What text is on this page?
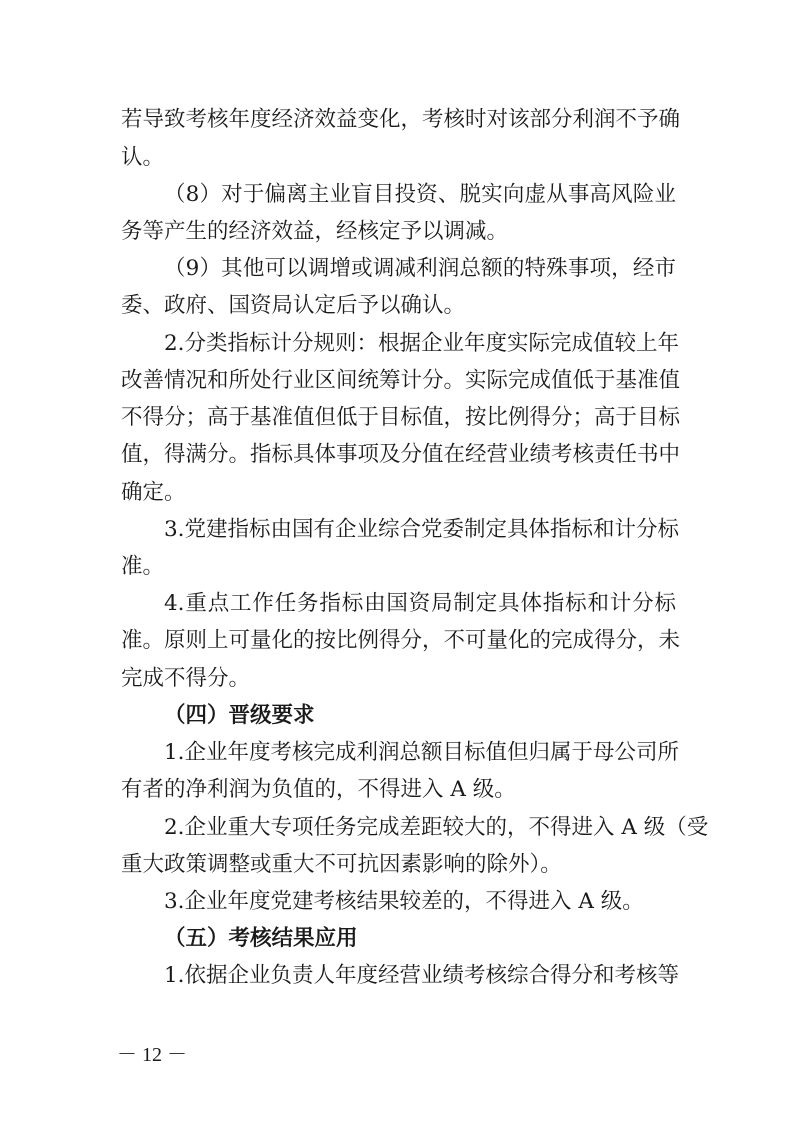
若导致考核年度经济效益变化，考核时对该部分利润不予确
认。
（8）对于偏离主业盲目投资、脱实向虚从事高风险业
务等产生的经济效益，经核定予以调减。
（9）其他可以调增或调减利润总额的特殊事项，经市
委、政府、国资局认定后予以确认。
2.分类指标计分规则：根据企业年度实际完成值较上年
改善情况和所处行业区间统筹计分。实际完成值低于基准值
不得分；高于基准值但低于目标值，按比例得分；高于目标
值，得满分。指标具体事项及分值在经营业绩考核责任书中
确定。
3.党建指标由国有企业综合党委制定具体指标和计分标
准。
4.重点工作任务指标由国资局制定具体指标和计分标
准。原则上可量化的按比例得分，不可量化的完成得分，未
完成不得分。
（四）晋级要求
1.企业年度考核完成利润总额目标值但归属于母公司所
有者的净利润为负值的，不得进入 A 级。
2.企业重大专项任务完成差距较大的，不得进入 A 级（受
重大政策调整或重大不可抗因素影响的除外）。
3.企业年度党建考核结果较差的，不得进入 A 级。
（五）考核结果应用
1.依据企业负责人年度经营业绩考核综合得分和考核等
－ 12 －
